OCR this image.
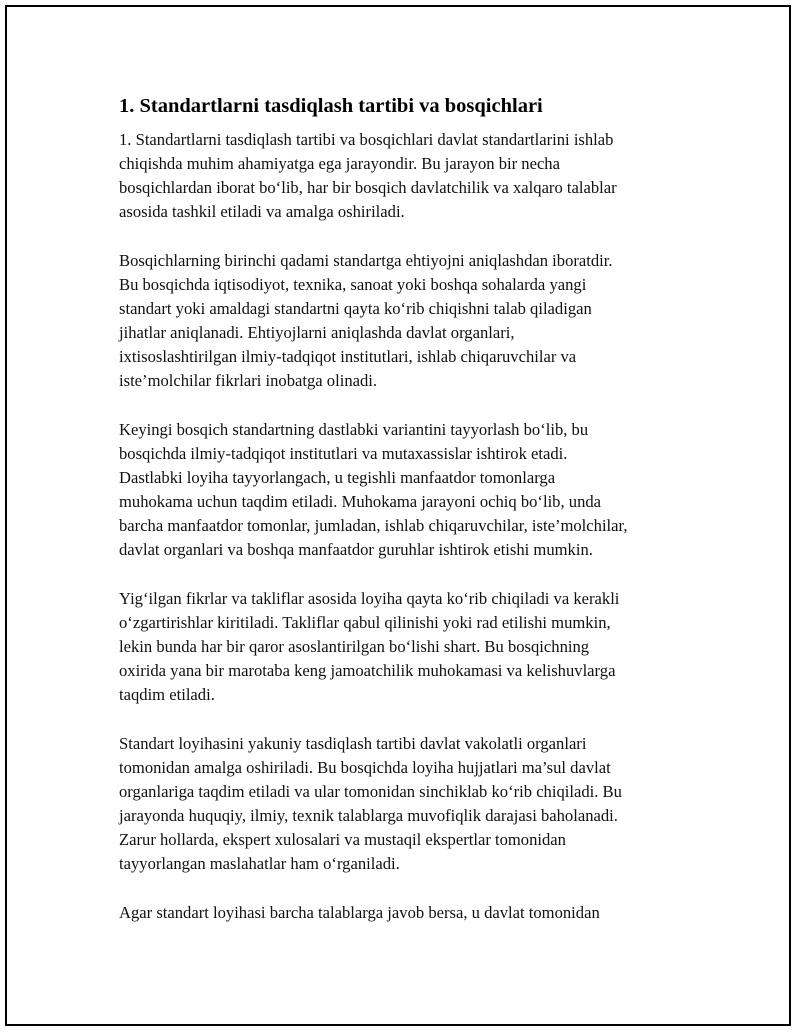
1. Standartlarni tasdiqlash tartibi va bosqichlari
1. Standartlarni tasdiqlash tartibi va bosqichlari davlat standartlarini ishlab
chiqishda muhim ahamiyatga ega jarayondir. Bu jarayon bir necha
bosqichlardan iborat bo‘lib, har bir bosqich davlatchilik va xalqaro talablar
asosida tashkil etiladi va amalga oshiriladi.
Bosqichlarning birinchi qadami standartga ehtiyojni aniqlashdan iboratdir.
Bu bosqichda iqtisodiyot, texnika, sanoat yoki boshqa sohalarda yangi
standart yoki amaldagi standartni qayta ko‘rib chiqishni talab qiladigan
jihatlar aniqlanadi. Ehtiyojlarni aniqlashda davlat organlari,
ixtisoslashtirilgan ilmiy-tadqiqot institutlari, ishlab chiqaruvchilar va
iste’molchilar fikrlari inobatga olinadi.
Keyingi bosqich standartning dastlabki variantini tayyorlash bo‘lib, bu
bosqichda ilmiy-tadqiqot institutlari va mutaxassislar ishtirok etadi.
Dastlabki loyiha tayyorlangach, u tegishli manfaatdor tomonlarga
muhokama uchun taqdim etiladi. Muhokama jarayoni ochiq bo‘lib, unda
barcha manfaatdor tomonlar, jumladan, ishlab chiqaruvchilar, iste’molchilar,
davlat organlari va boshqa manfaatdor guruhlar ishtirok etishi mumkin.
Yig‘ilgan fikrlar va takliflar asosida loyiha qayta ko‘rib chiqiladi va kerakli
o‘zgartirishlar kiritiladi. Takliflar qabul qilinishi yoki rad etilishi mumkin,
lekin bunda har bir qaror asoslantirilgan bo‘lishi shart. Bu bosqichning
oxirida yana bir marotaba keng jamoatchilik muhokamasi va kelishuvlarga
taqdim etiladi.
Standart loyihasini yakuniy tasdiqlash tartibi davlat vakolatli organlari
tomonidan amalga oshiriladi. Bu bosqichda loyiha hujjatlari ma’sul davlat
organlariga taqdim etiladi va ular tomonidan sinchiklab ko‘rib chiqiladi. Bu
jarayonda huquqiy, ilmiy, texnik talablarga muvofiqlik darajasi baholanadi.
Zarur hollarda, ekspert xulosalari va mustaqil ekspertlar tomonidan
tayyorlangan maslahatlar ham o‘rganiladi.
Agar standart loyihasi barcha talablarga javob bersa, u davlat tomonidan
